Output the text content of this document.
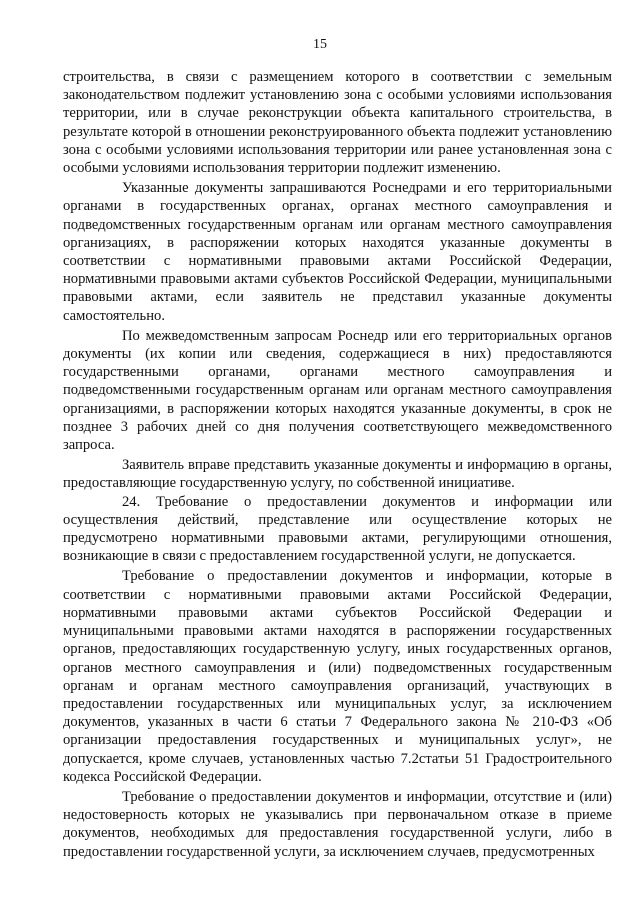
15

строительства, в связи с размещением которого в соответствии с земельным законодательством подлежит установлению зона с особыми условиями использования территории, или в случае реконструкции объекта капитального строительства, в результате которой в отношении реконструированного объекта подлежит установлению зона с особыми условиями использования территории или ранее установленная зона с особыми условиями использования территории подлежит изменению.

Указанные документы запрашиваются Роснедрами и его территориальными органами в государственных органах, органах местного самоуправления и подведомственных государственным органам или органам местного самоуправления организациях, в распоряжении которых находятся указанные документы в соответствии с нормативными правовыми актами Российской Федерации, нормативными правовыми актами субъектов Российской Федерации, муниципальными правовыми актами, если заявитель не представил указанные документы самостоятельно.

По межведомственным запросам Роснедр или его территориальных органов документы (их копии или сведения, содержащиеся в них) предоставляются государственными органами, органами местного самоуправления и подведомственными государственным органам или органам местного самоуправления организациями, в распоряжении которых находятся указанные документы, в срок не позднее 3 рабочих дней со дня получения соответствующего межведомственного запроса.

Заявитель вправе представить указанные документы и информацию в органы, предоставляющие государственную услугу, по собственной инициативе.

24. Требование о предоставлении документов и информации или осуществления действий, представление или осуществление которых не предусмотрено нормативными правовыми актами, регулирующими отношения, возникающие в связи с предоставлением государственной услуги, не допускается.

Требование о предоставлении документов и информации, которые в соответствии с нормативными правовыми актами Российской Федерации, нормативными правовыми актами субъектов Российской Федерации и муниципальными правовыми актами находятся в распоряжении государственных органов, предоставляющих государственную услугу, иных государственных органов, органов местного самоуправления и (или) подведомственных государственным органам и органам местного самоуправления организаций, участвующих в предоставлении государственных или муниципальных услуг, за исключением документов, указанных в части 6 статьи 7 Федерального закона № 210-ФЗ «Об организации предоставления государственных и муниципальных услуг», не допускается, кроме случаев, установленных частью 7.2статьи 51 Градостроительного кодекса Российской Федерации.

Требование о предоставлении документов и информации, отсутствие и (или) недостоверность которых не указывались при первоначальном отказе в приеме документов, необходимых для предоставления государственной услуги, либо в предоставлении государственной услуги, за исключением случаев, предусмотренных
